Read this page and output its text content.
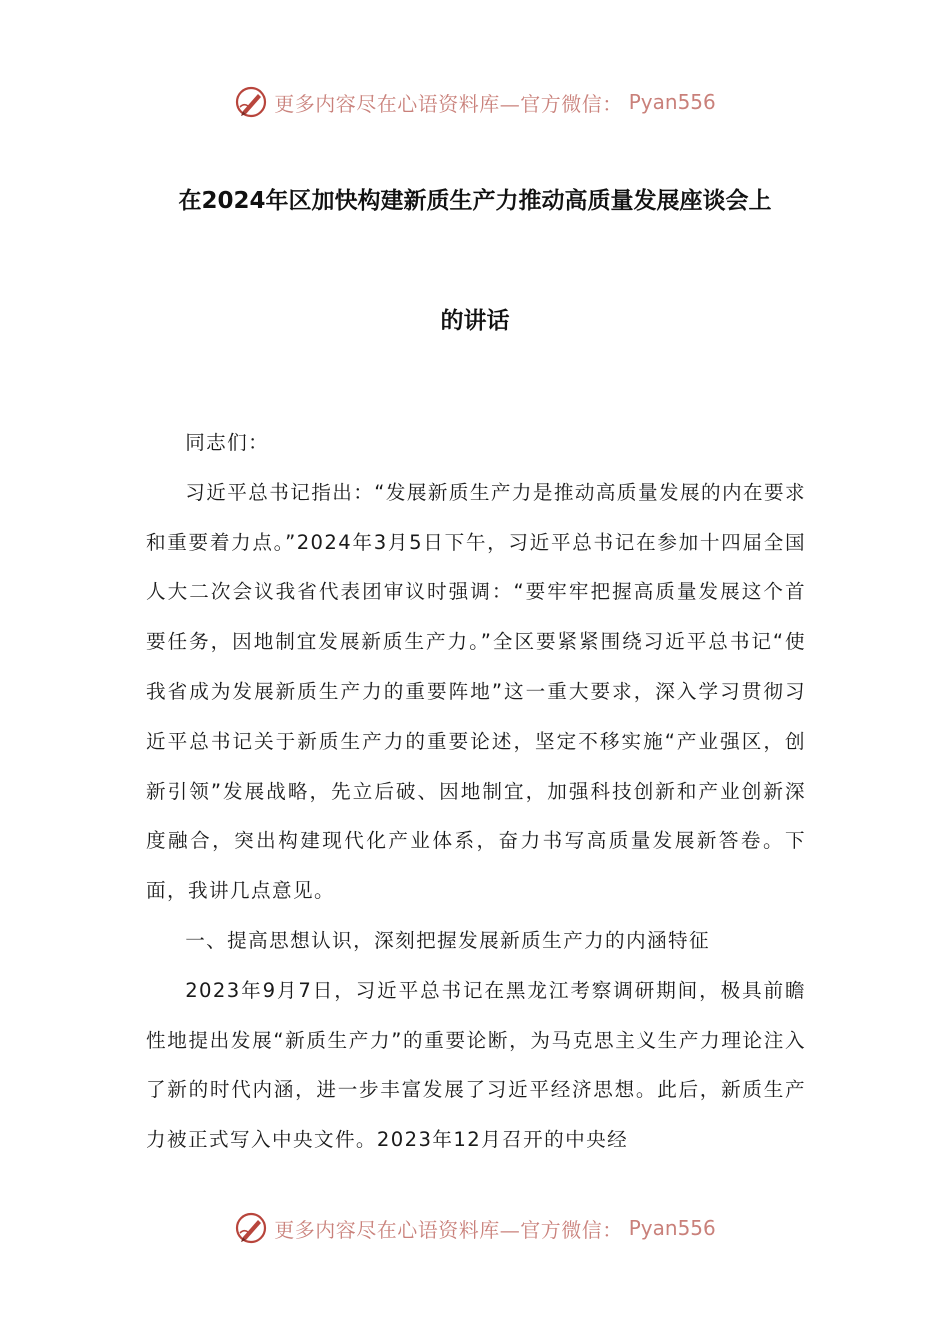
更多内容尽在心语资料库—官方微信： Pyan556
在2024年区加快构建新质生产力推动高质量发展座谈会上
的讲话

同志们：

习近平总书记指出：“发展新质生产力是推动高质量发展的内在要求和重要着力点。”2024年3月5日下午，习近平总书记在参加十四届全国人大二次会议我省代表团审议时强调：“要牢牢把握高质量发展这个首要任务，因地制宜发展新质生产力。”全区要紧紧围绕习近平总书记“使我省成为发展新质生产力的重要阵地”这一重大要求，深入学习贯彻习近平总书记关于新质生产力的重要论述，坚定不移实施“产业强区，创新引领”发展战略，先立后破、因地制宜，加强科技创新和产业创新深度融合，突出构建现代化产业体系，奋力书写高质量发展新答卷。下面，我讲几点意见。

一、提高思想认识，深刻把握发展新质生产力的内涵特征

2023年9月7日，习近平总书记在黑龙江考察调研期间，极具前瞻性地提出发展“新质生产力”的重要论断，为马克思主义生产力理论注入了新的时代内涵，进一步丰富发展了习近平经济思想。此后，新质生产力被正式写入中央文件。2023年12月召开的中央经

更多内容尽在心语资料库—官方微信： Pyan556
